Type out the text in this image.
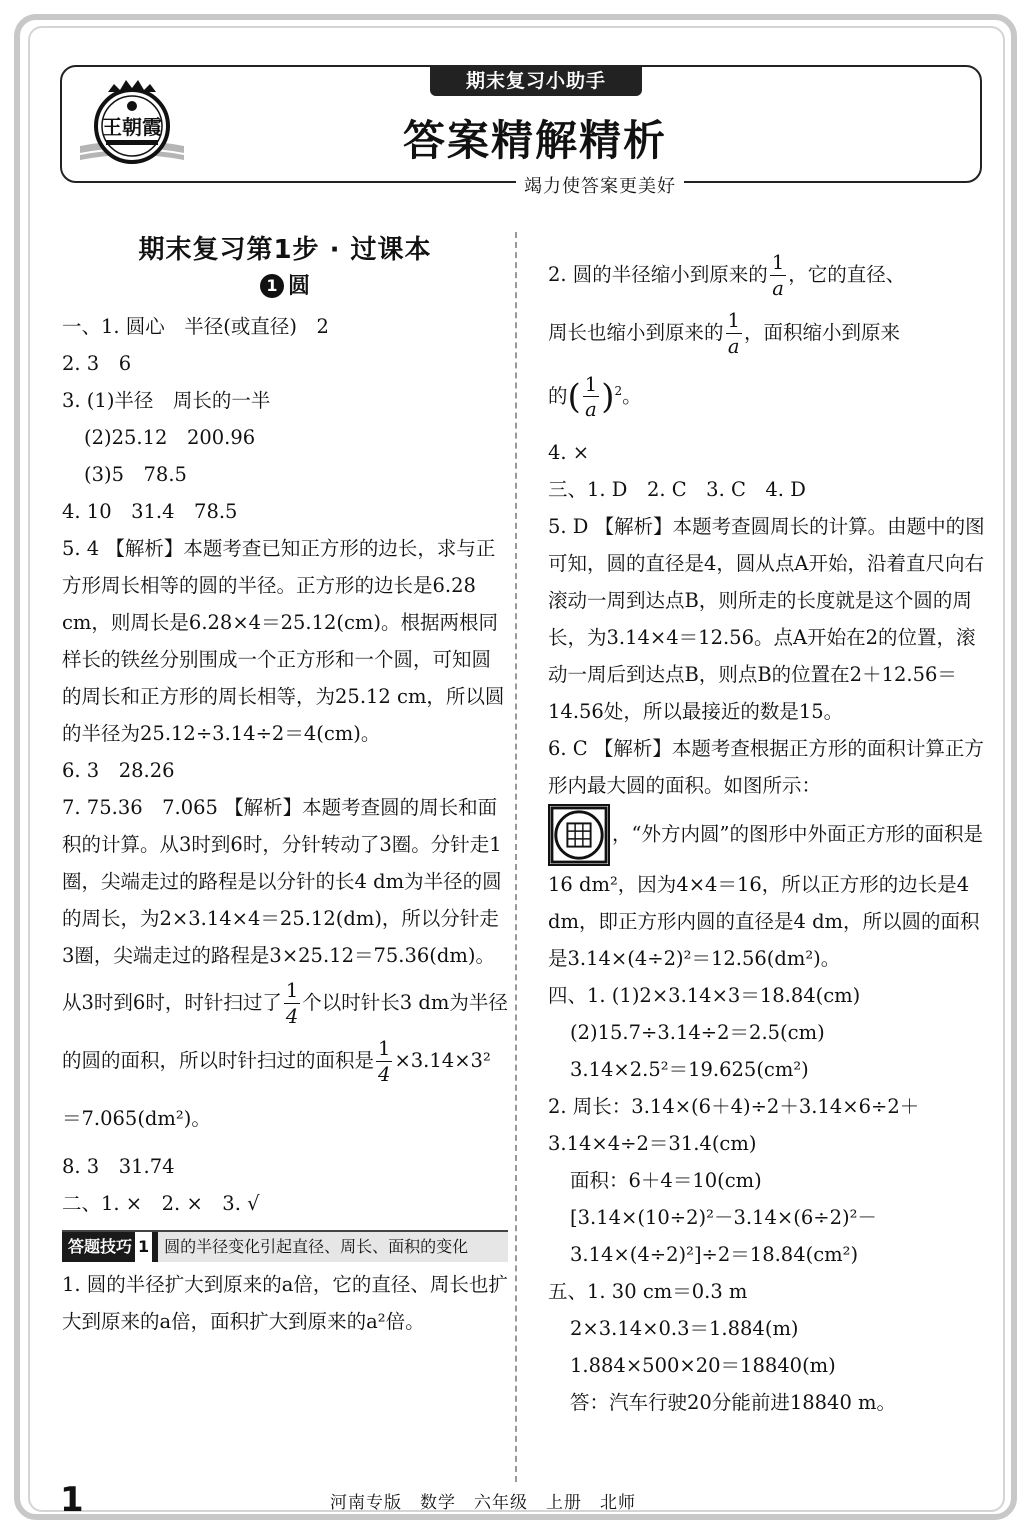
王朝霞
期末复习小助手
答案精解精析
竭力使答案更美好
期末复习第1步 · 过课本
1 圆

一、1. 圆心　半径(或直径)　2

2. 3　6

3. (1)半径　周长的一半

(2)25.12　200.96

(3)5　78.5

4. 10　31.4　78.5

5. 4 【解析】本题考查已知正方形的边长，求与正方形周长相等的圆的半径。正方形的边长是6.28 cm，则周长是6.28×4＝25.12(cm)。根据两根同样长的铁丝分别围成一个正方形和一个圆，可知圆的周长和正方形的周长相等，为25.12 cm，所以圆的半径为25.12÷3.14÷2＝4(cm)。

6. 3　28.26

7. 75.36　7.065 【解析】本题考查圆的周长和面积的计算。从3时到6时，分针转动了3圈。分针走1圈，尖端走过的路程是以分针的长4 dm为半径的圆的周长，为2×3.14×4＝25.12(dm)，所以分针走3圈，尖端走过的路程是3×25.12＝75.36(dm)。

从3时到6时，时针扫过了 $\frac{1}{4}$ 个以时针长3 dm为半径的圆的面积，所以时针扫过的面积是 $\frac{1}{4} \times 3.14\times 3^2=7.065(dm^2)$。

8. 3　31.74

二、1. ×　2. ×　3. √

答题技巧 1 圆的半径变化引起直径、周长、面积的变化

1. 圆的半径扩大到原来的a倍，它的直径、周长也扩大到原来的a倍，面积扩大到原来的a²倍。

2. 圆的半径缩小到原来的 $\frac{1}{a}$ ，它的直径、

周长也缩小到原来的 $\frac{1}{a}$ ，面积缩小到原来

的( $\frac{1}{a} )^2$。

4. ×

三、1. D　2. C　3. C　4. D

5. D 【解析】本题考查圆周长的计算。由题中的图可知，圆的直径是4，圆从点A开始，沿着直尺向右滚动一周到达点B，则所走的长度就是这个圆的周长，为3.14×4＝12.56。点A开始在2的位置，滚动一周后到达点B，则点B的位置在2＋12.56＝14.56处，所以最接近的数是15。

6. C 【解析】本题考查根据正方形的面积计算正方形内最大圆的面积。如图所示：

，“外方内圆”的图形中外面正方形的面积是16 dm²，因为4×4＝16，所以正方形的边长是4 dm，即正方形内圆的直径是4 dm，所以圆的面积是3.14×(4÷2)²＝12.56(dm²)。

四、1. (1)2×3.14×3＝18.84(cm)

(2)15.7÷3.14÷2＝2.5(cm)

3.14×2.5²＝19.625(cm²)

2. 周长：3.14×(6＋4)÷2＋3.14×6÷2＋3.14×4÷2＝31.4(cm)

面积：6＋4＝10(cm)

[3.14×(10÷2)²－3.14×(6÷2)²－3.14×(4÷2)²]÷2＝18.84(cm²)

五、1. 30 cm＝0.3 m

2×3.14×0.3＝1.884(m)

1.884×500×20＝18840(m)

答：汽车行驶20分能前进18840 m。

1	河南专版　数学　六年级　上册　北师
